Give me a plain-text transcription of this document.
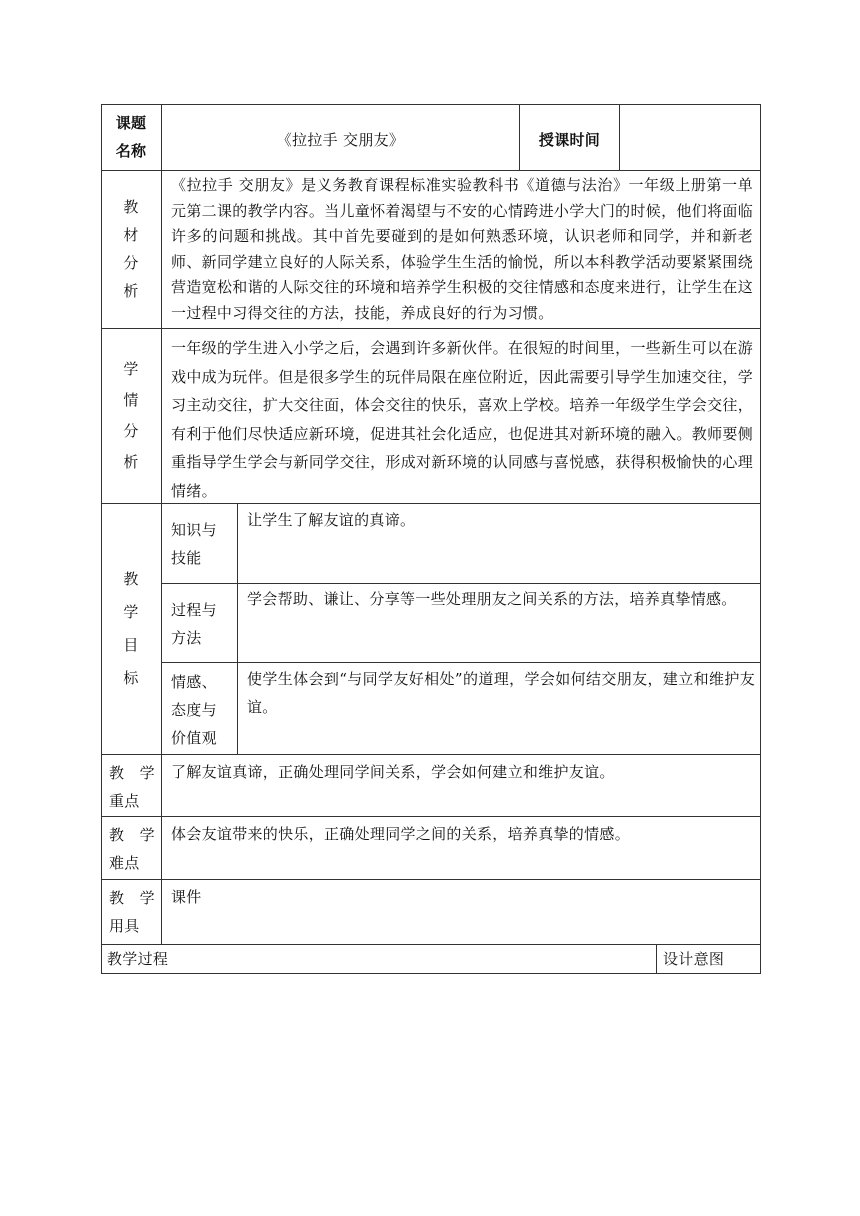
课题
名称
《拉拉手 交朋友》	授课时间
教
材
分
析
《拉拉手 交朋友》是义务教育课程标准实验教科书《道德与法治》一年级上册第一单元第二课的教学内容。当儿童怀着渴望与不安的心情跨进小学大门的时候，他们将面临许多的问题和挑战。其中首先要碰到的是如何熟悉环境，认识老师和同学，并和新老师、新同学建立良好的人际关系，体验学生生活的愉悦，所以本科教学活动要紧紧围绕营造宽松和谐的人际交往的环境和培养学生积极的交往情感和态度来进行，让学生在这一过程中习得交往的方法，技能，养成良好的行为习惯。
学
情
分
析
一年级的学生进入小学之后，会遇到许多新伙伴。在很短的时间里，一些新生可以在游戏中成为玩伴。但是很多学生的玩伴局限在座位附近，因此需要引导学生加速交往，学习主动交往，扩大交往面，体会交往的快乐，喜欢上学校。培养一年级学生学会交往，有利于他们尽快适应新环境，促进其社会化适应，也促进其对新环境的融入。教师要侧重指导学生学会与新同学交往，形成对新环境的认同感与喜悦感，获得积极愉快的心理情绪。
教
学
目
标
知识与
技能
让学生了解友谊的真谛。
过程与
方法
学会帮助、谦让、分享等一些处理朋友之间关系的方法，培养真挚情感。
情感、
态度与
价值观
使学生体会到“与同学友好相处”的道理，学会如何结交朋友，建立和维护友谊。
教　学
重点
了解友谊真谛，正确处理同学间关系，学会如何建立和维护友谊。
教　学
难点
体会友谊带来的快乐，正确处理同学之间的关系，培养真挚的情感。
教　学
用具
课件
教学过程	设计意图
